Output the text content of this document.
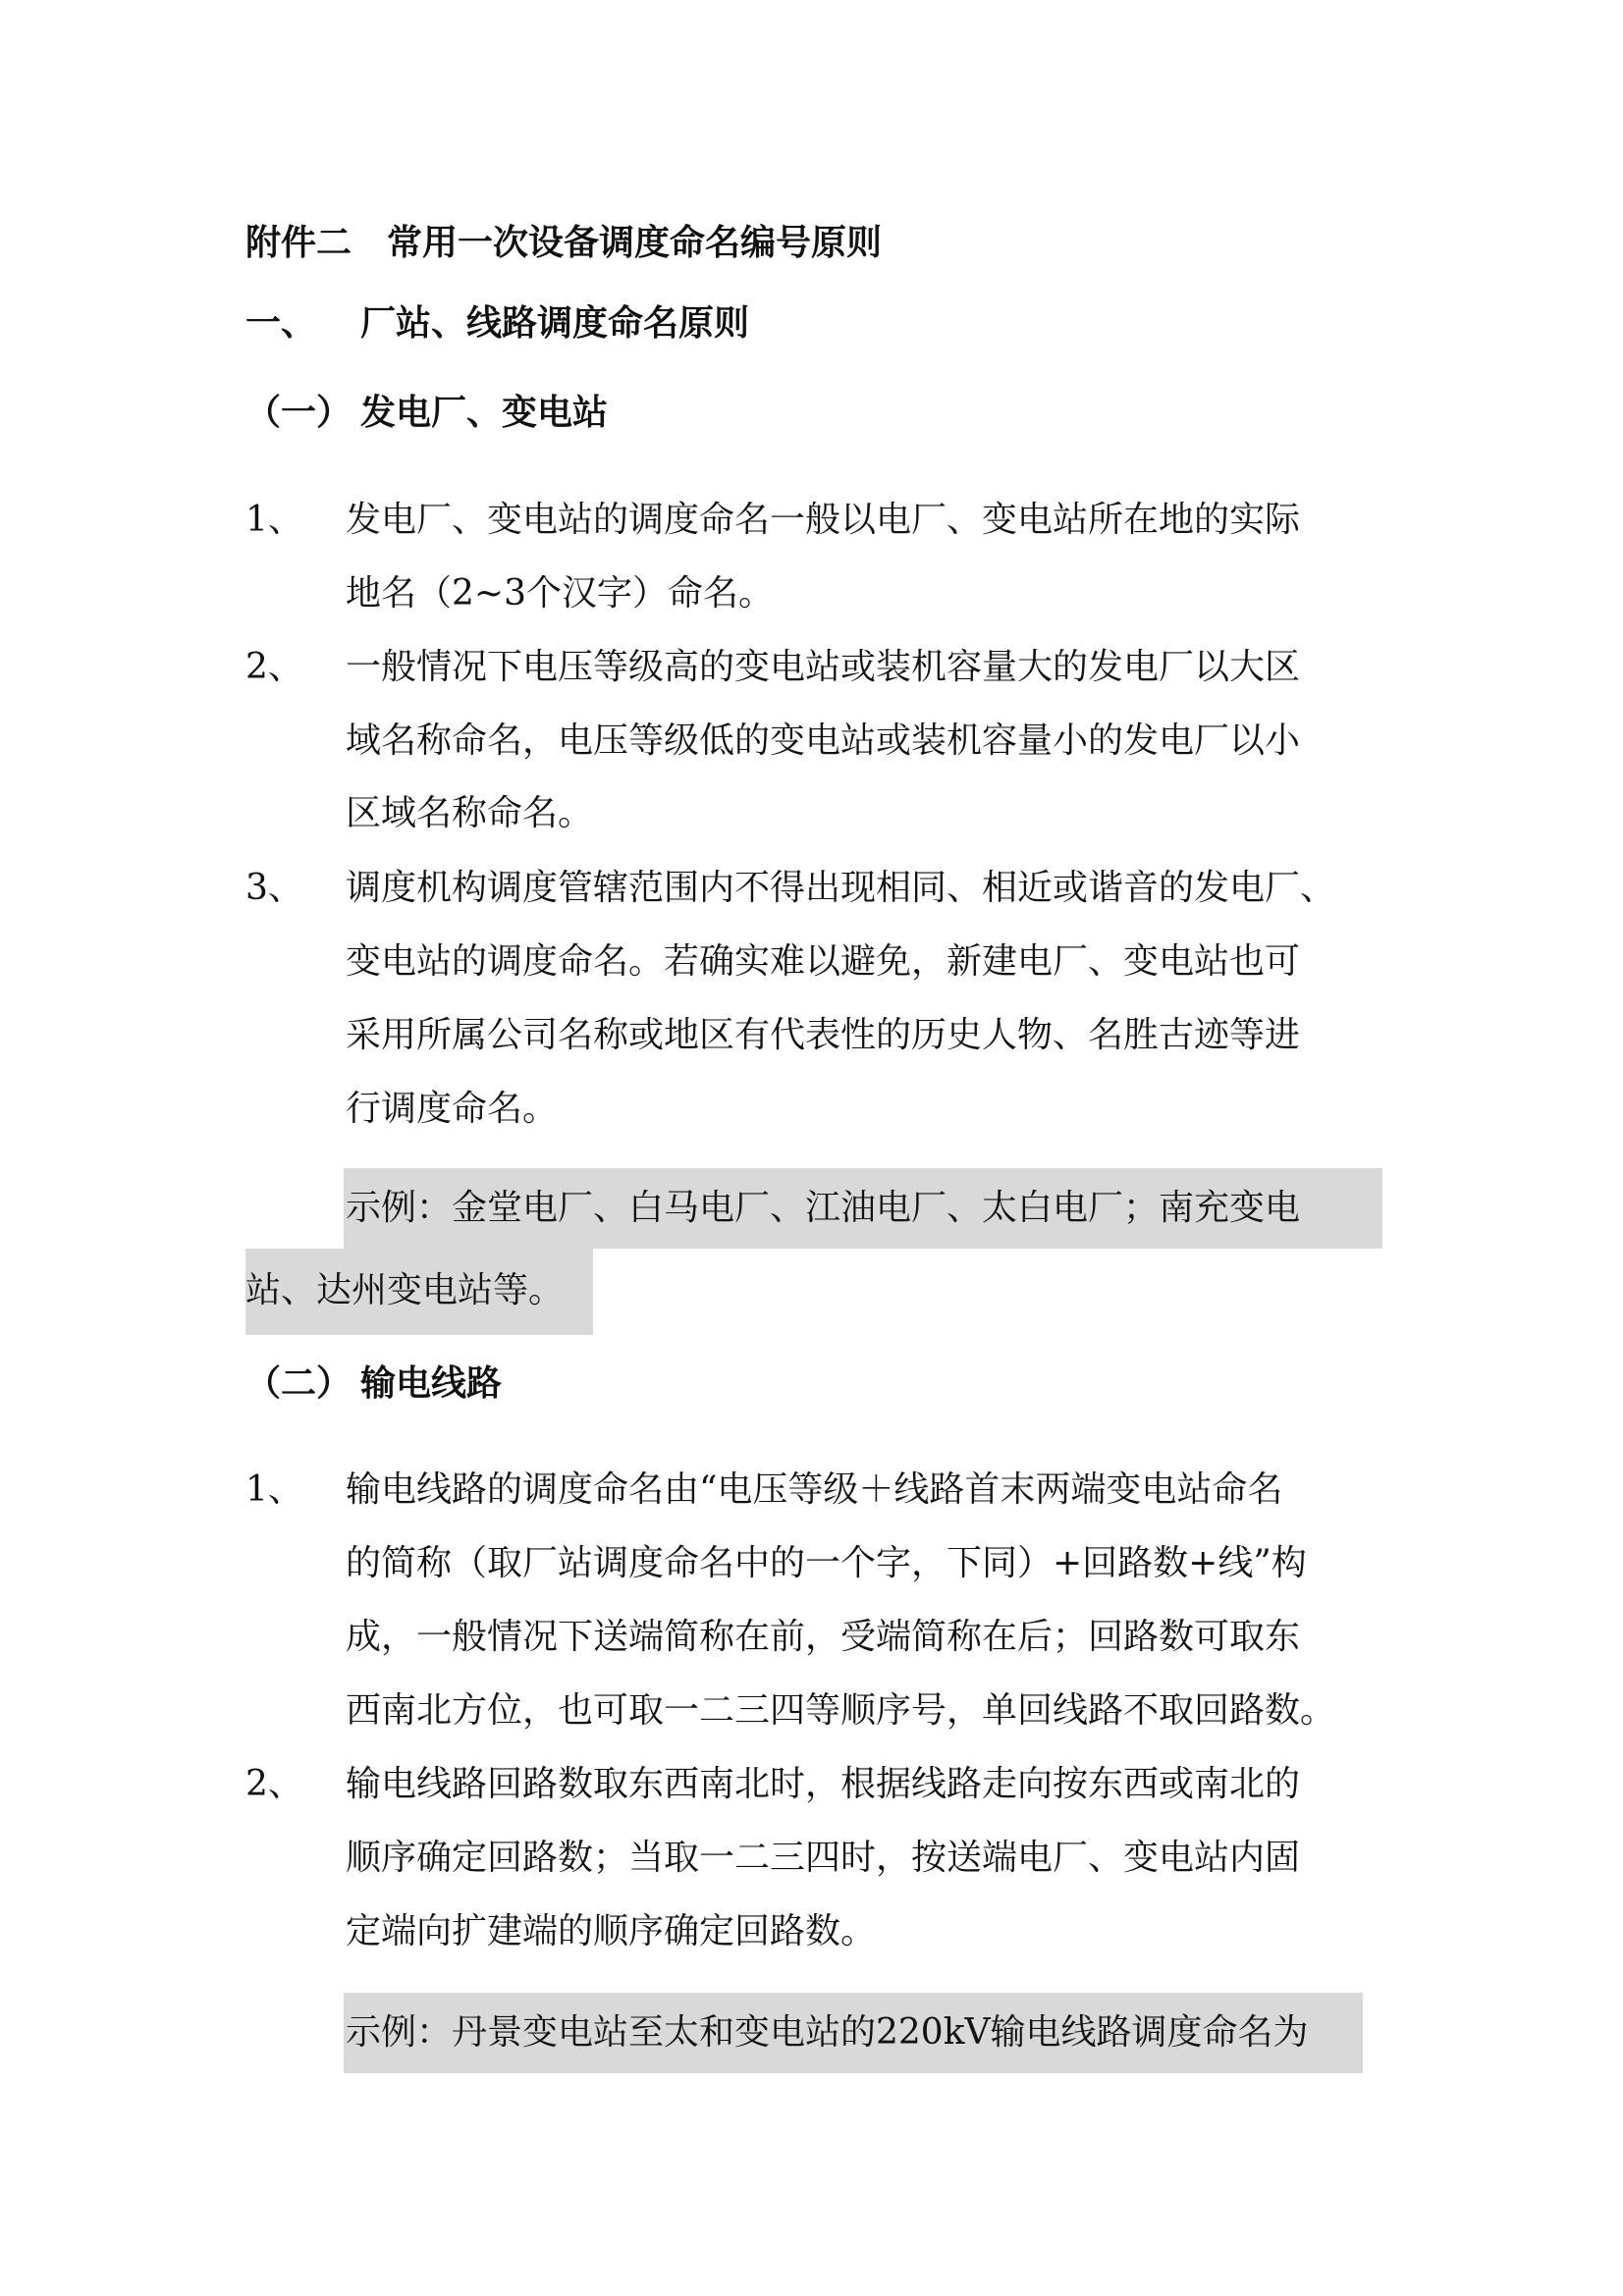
附件二　常用一次设备调度命名编号原则
一、 厂站、线路调度命名原则
（一） 发电厂、变电站
1、 发电厂、变电站的调度命名一般以电厂、变电站所在地的实际
地名（2~3个汉字）命名。
2、 一般情况下电压等级高的变电站或装机容量大的发电厂以大区
域名称命名，电压等级低的变电站或装机容量小的发电厂以小
区域名称命名。
3、 调度机构调度管辖范围内不得出现相同、相近或谐音的发电厂、
变电站的调度命名。若确实难以避免，新建电厂、变电站也可
采用所属公司名称或地区有代表性的历史人物、名胜古迹等进
行调度命名。
示例：金堂电厂、白马电厂、江油电厂、太白电厂；南充变电
站、达州变电站等。
（二） 输电线路
1、 输电线路的调度命名由“电压等级＋线路首末两端变电站命名
的简称（取厂站调度命名中的一个字，下同）+回路数+线”构
成，一般情况下送端简称在前，受端简称在后；回路数可取东
西南北方位，也可取一二三四等顺序号，单回线路不取回路数。
2、 输电线路回路数取东西南北时，根据线路走向按东西或南北的
顺序确定回路数；当取一二三四时，按送端电厂、变电站内固
定端向扩建端的顺序确定回路数。
示例：丹景变电站至太和变电站的220kV输电线路调度命名为
